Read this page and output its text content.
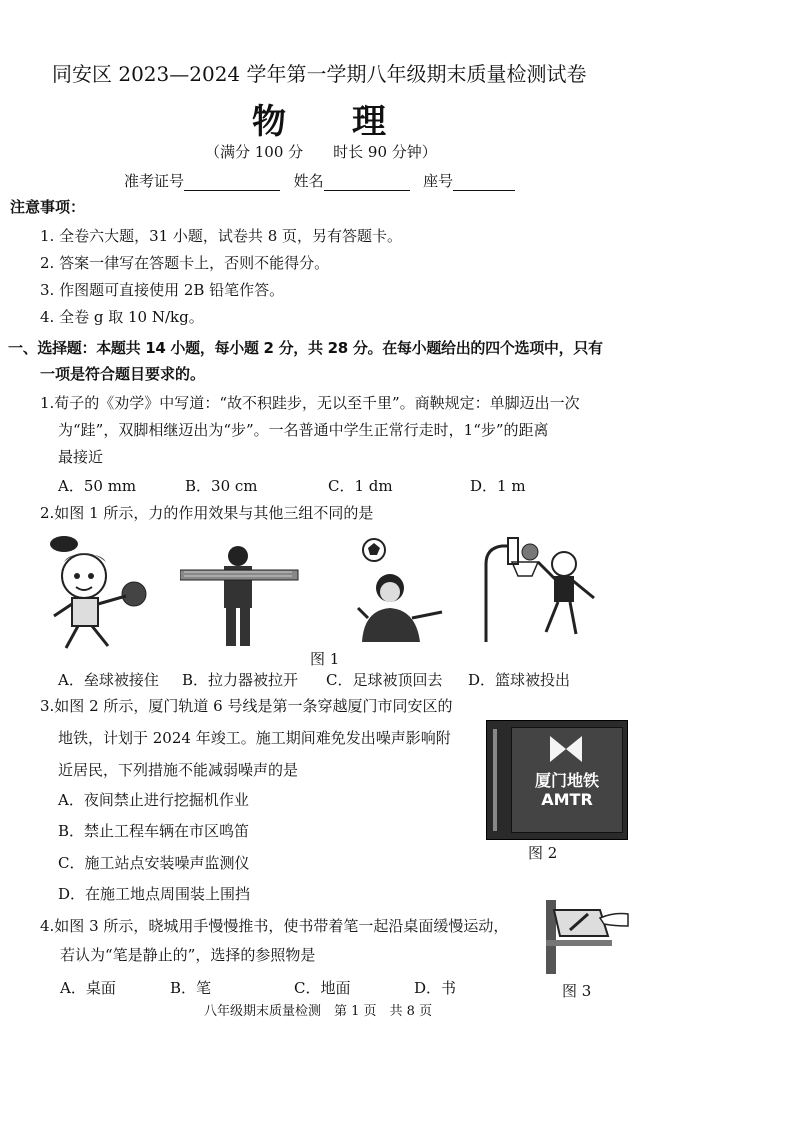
同安区 2023—2024 学年第一学期八年级期末质量检测试卷
物 理
（满分 100 分　　时长 90 分钟）
准考证号	姓名	座号
注意事项：
1. 全卷六大题，31 小题，试卷共 8 页，另有答题卡。
2. 答案一律写在答题卡上，否则不能得分。
3. 作图题可直接使用 2B 铅笔作答。
4. 全卷 g 取 10 N/kg。
一、选择题：本题共 14 小题，每小题 2 分，共 28 分。在每小题给出的四个选项中，只有
一项是符合题目要求的。
1.荀子的《劝学》中写道：“故不积跬步，无以至千里”。商鞅规定：单脚迈出一次
为“跬”，双脚相继迈出为“步”。一名普通中学生正常行走时，1“步”的距离
最接近
A．50 mm	B．30 cm	C．1 dm	D．1 m
2.如图 1 所示，力的作用效果与其他三组不同的是
图 1
A．垒球被接住 B．拉力器被拉开 C．足球被顶回去 D．篮球被投出
3.如图 2 所示，厦门轨道 6 号线是第一条穿越厦门市同安区的
地铁，计划于 2024 年竣工。施工期间难免发出噪声影响附
近居民，下列措施不能减弱噪声的是
A．夜间禁止进行挖掘机作业
B．禁止工程车辆在市区鸣笛
C．施工站点安装噪声监测仪
D．在施工地点周围装上围挡
厦门地铁
AMTR
图 2
4.如图 3 所示，晓城用手慢慢推书，使书带着笔一起沿桌面缓慢运动，
若认为“笔是静止的”，选择的参照物是
A．桌面	B．笔	C．地面	D．书	图 3
八年级期末质量检测　第 1 页　共 8 页
